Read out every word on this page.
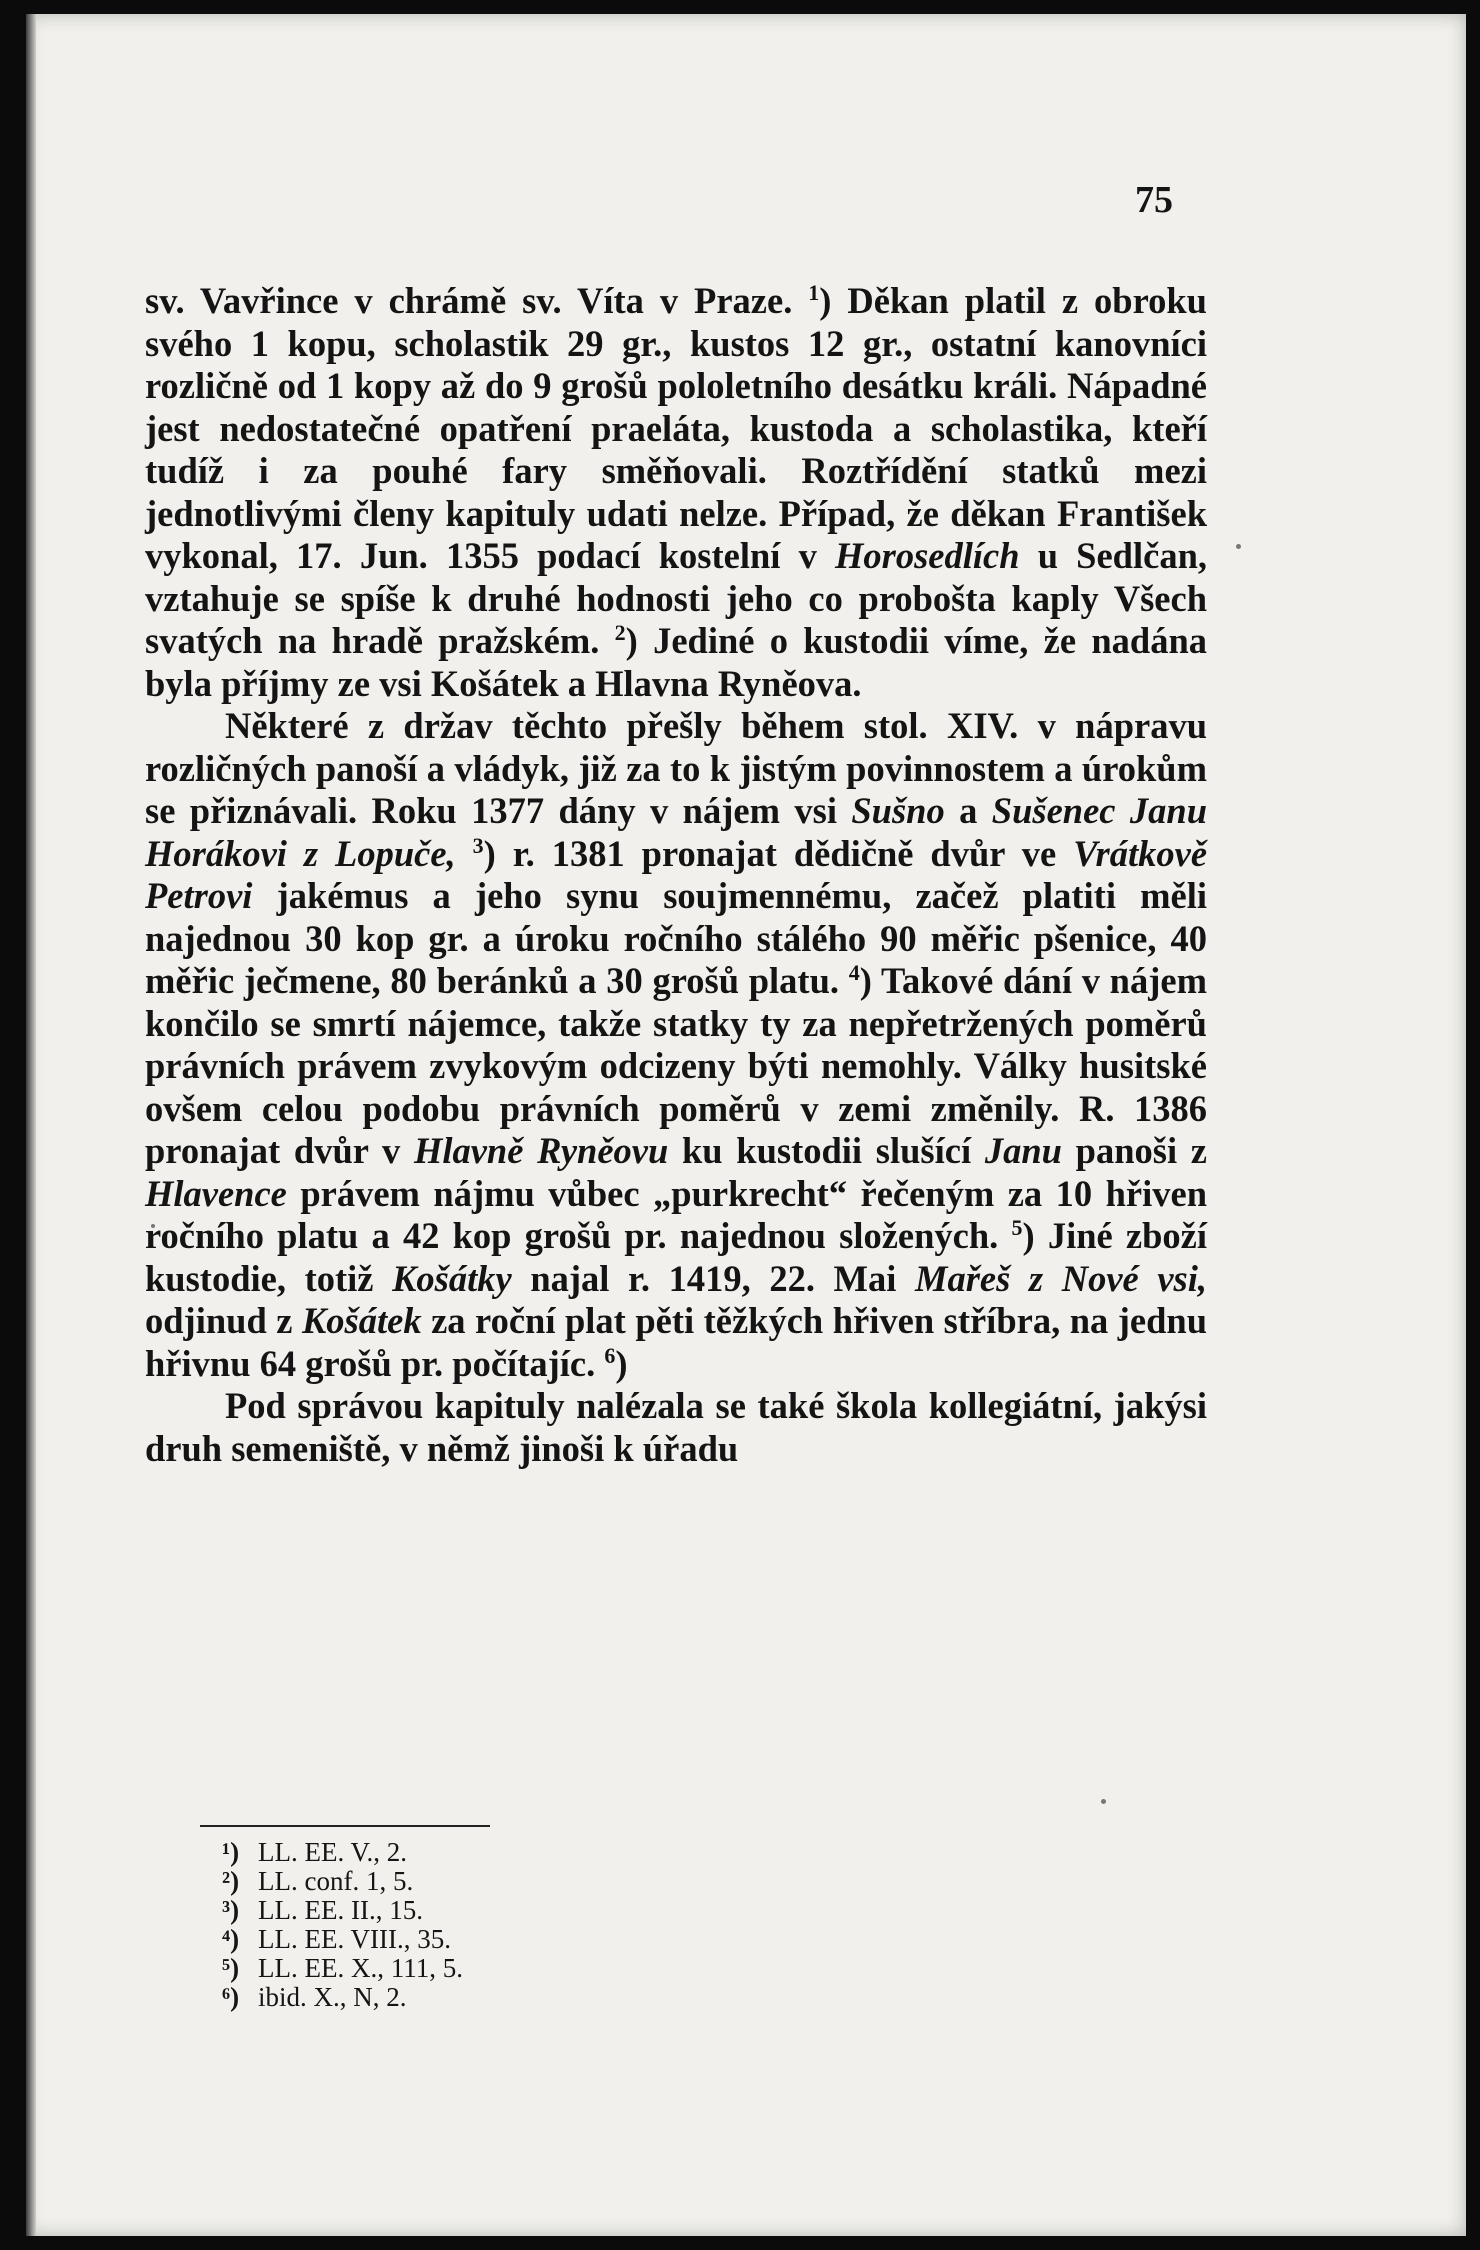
75

sv. Vavřince v chrámě sv. Víta v Praze. $^1$) Děkan platil z obroku svého 1 kopu, scholastik 29 gr., kustos 12 gr., ostatní kanovníci rozličně od 1 kopy až do 9 grošů pololetního desátku králi. Nápadné jest nedostatečné opatření praeláta, kustoda a scholastika, kteří tudíž i za pouhé fary směňovali. Roztřídění statků mezi jednotlivými členy kapituly udati nelze. Případ, že děkan František vykonal, 17. Jun. 1355 podací kostelní v Horosedlích u Sedlčan, vztahuje se spíše k druhé hodnosti jeho co probošta kaply Všech svatých na hradě pražském. $^2$) Jediné o kustodii víme, že nadána byla příjmy ze vsi Košátek a Hlavna Ryněova.

Některé z držav těchto přešly během stol. XIV. v nápravu rozličných panoší a vládyk, již za to k jistým povinnostem a úrokům se přiznávali. Roku 1377 dány v nájem vsi Sušno a Sušenec Janu Horákovi z Lopuče, $^3$) r. 1381 pronajat dědičně dvůr ve Vrátkově Petrovi jakémus a jeho synu soujmennému, začež platiti měli najednou 30 kop gr. a úroku ročního stálého 90 měřic pšenice, 40 měřic ječmene, 80 beránků a 30 grošů platu. $^4$) Takové dání v nájem končilo se smrtí nájemce, takže statky ty za nepřetržených poměrů právních právem zvykovým odcizeny býti nemohly. Války husitské ovšem celou podobu právních poměrů v zemi změnily. R. 1386 pronajat dvůr v Hlavně Ryněovu ku kustodii slušící Janu panoši z Hlavence právem nájmu vůbec „purkrecht“ řečeným za 10 hřiven ročního platu a 42 kop grošů pr. najednou složených. $^5$) Jiné zboží kustodie, totiž Košátky najal r. 1419, 22. Mai Mařeš z Nové vsi, odjinud z Košátek za roční plat pěti těžkých hřiven stříbra, na jednu hřivnu 64 grošů pr. počítajíc. $^6$)

Pod správou kapituly nalézala se také škola kollegiátní, jakýsi druh semeniště, v němž jinoši k úřadu

¹) LL. EE. V., 2.
²) LL. conf. 1, 5.
³) LL. EE. II., 15.
⁴) LL. EE. VIII., 35.
⁵) LL. EE. X., 111, 5.
⁶) ibid. X., N, 2.
